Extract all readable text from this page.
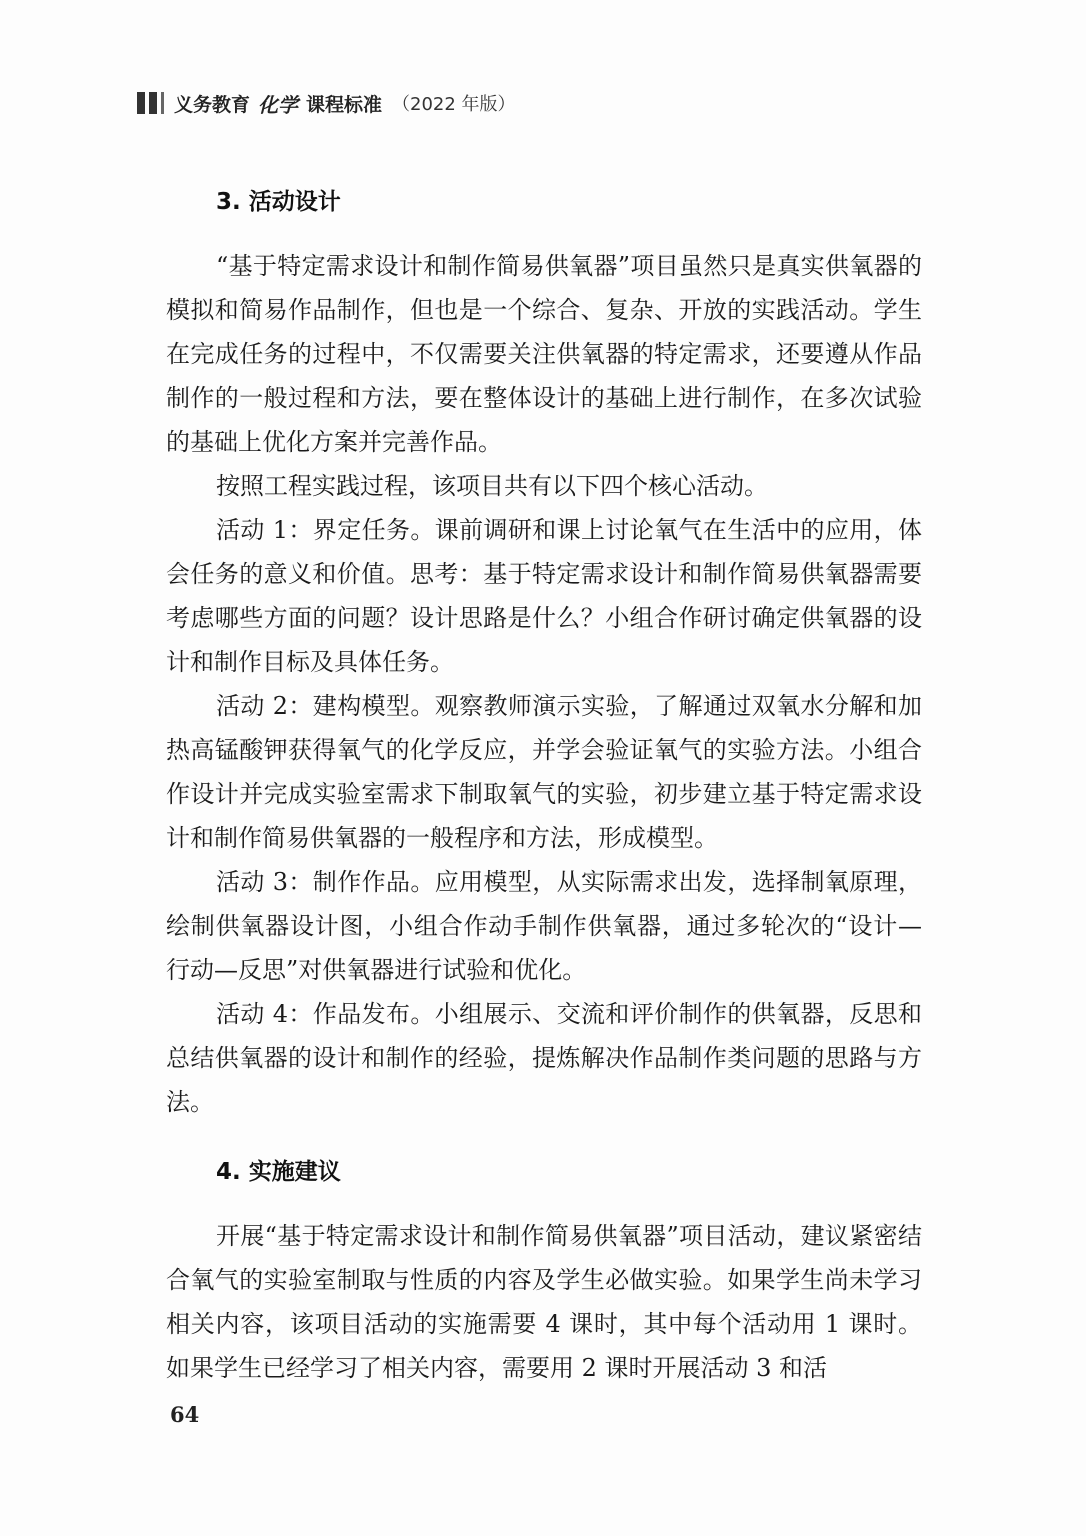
义务教育 化学 课程标准 （2022 年版）
3. 活动设计

“基于特定需求设计和制作简易供氧器”项目虽然只是真实供氧器的模拟和简易作品制作，但也是一个综合、复杂、开放的实践活动。学生在完成任务的过程中，不仅需要关注供氧器的特定需求，还要遵从作品制作的一般过程和方法，要在整体设计的基础上进行制作，在多次试验的基础上优化方案并完善作品。

按照工程实践过程，该项目共有以下四个核心活动。

活动 1：界定任务。课前调研和课上讨论氧气在生活中的应用，体会任务的意义和价值。思考：基于特定需求设计和制作简易供氧器需要考虑哪些方面的问题？设计思路是什么？小组合作研讨确定供氧器的设计和制作目标及具体任务。

活动 2：建构模型。观察教师演示实验，了解通过双氧水分解和加热高锰酸钾获得氧气的化学反应，并学会验证氧气的实验方法。小组合作设计并完成实验室需求下制取氧气的实验，初步建立基于特定需求设计和制作简易供氧器的一般程序和方法，形成模型。

活动 3：制作作品。应用模型，从实际需求出发，选择制氧原理，绘制供氧器设计图，小组合作动手制作供氧器，通过多轮次的“设计—行动—反思”对供氧器进行试验和优化。

活动 4：作品发布。小组展示、交流和评价制作的供氧器，反思和总结供氧器的设计和制作的经验，提炼解决作品制作类问题的思路与方法。

4. 实施建议

开展“基于特定需求设计和制作简易供氧器”项目活动，建议紧密结合氧气的实验室制取与性质的内容及学生必做实验。如果学生尚未学习相关内容，该项目活动的实施需要 4 课时，其中每个活动用 1 课时。如果学生已经学习了相关内容，需要用 2 课时开展活动 3 和活

64
